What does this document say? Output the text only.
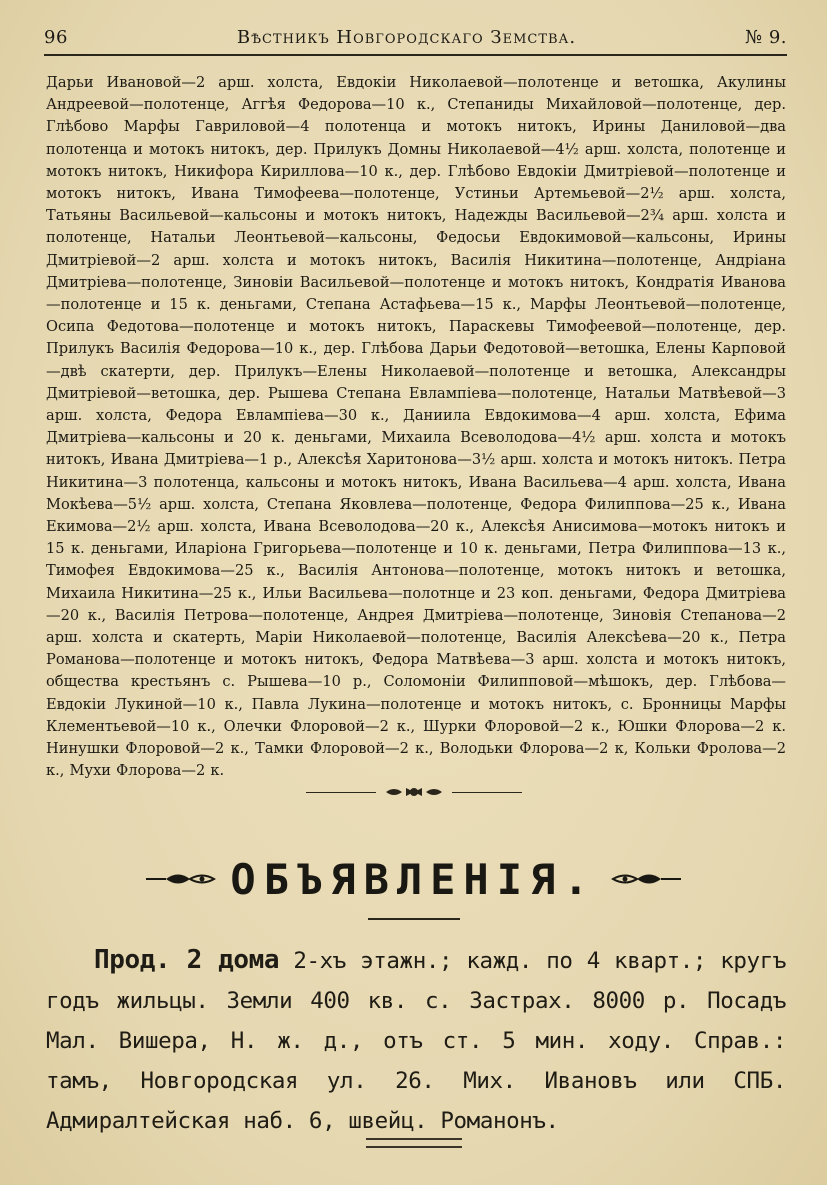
96	Вѣстникъ Новгородскаго Земства.	№ 9.
Дарьи Ивановой—2 арш. холста, Евдокiи Николаевой—полотенце и ветошка, Акулины Андреевой—полотенце, Аггѣя Федорова—10 к., Степаниды Михайловой—полотенце, дер. Глѣбово Марфы Гавриловой—4 полотенца и мотокъ нитокъ, Ирины Даниловой—два полотенца и мотокъ нитокъ, дер. Прилукъ Домны Николаевой—4½ арш. холста, полотенце и мотокъ нитокъ, Никифора Кириллова—10 к., дер. Глѣбово Евдокiи Дмитрiевой—полотенце и мотокъ нитокъ, Ивана Тимофеева—полотенце, Устиньи Артемьевой—2½ арш. холста, Татьяны Васильевой—кальсоны и мотокъ нитокъ, Надежды Васильевой—2¾ арш. холста и полотенце, Натальи Леонтьевой—кальсоны, Федосьи Евдокимовой—кальсоны, Ирины Дмитрiевой—2 арш. холста и мотокъ нитокъ, Василiя Никитина—полотенце, Андрiана Дмитрiева—полотенце, Зиновiи Васильевой—полотенце и мотокъ нитокъ, Кондратiя Иванова—полотенце и 15 к. деньгами, Степана Астафьева—15 к., Марфы Леонтьевой—полотенце, Осипа Федотова—полотенце и мотокъ нитокъ, Параскевы Тимофеевой—полотенце, дер. Прилукъ Василiя Федорова—10 к., дер. Глѣбова Дарьи Федотовой—ветошка, Елены Карповой—двѣ скатерти, дер. Прилукъ—Елены Николаевой—полотенце и ветошка, Александры Дмитрiевой—ветошка, дер. Рышева Степана Евлампiева—полотенце, Натальи Матвѣевой—3 арш. холста, Федора Евлампiева—30 к., Даниила Евдокимова—4 арш. холста, Ефима Дмитрiева—кальсоны и 20 к. деньгами, Михаила Всеволодова—4½ арш. холста и мотокъ нитокъ, Ивана Дмитрiева—1 р., Алексѣя Харитонова—3½ арш. холста и мотокъ нитокъ. Петра Никитина—3 полотенца, кальсоны и мотокъ нитокъ, Ивана Васильева—4 арш. холста, Ивана Мокѣева—5½ арш. холста, Степана Яковлева—полотенце, Федора Филиппова—25 к., Ивана Екимова—2½ арш. холста, Ивана Всеволодова—20 к., Алексѣя Анисимова—мотокъ нитокъ и 15 к. деньгами, Иларiона Григорьева—полотенце и 10 к. деньгами, Петра Филиппова—13 к., Тимофея Евдокимова—25 к., Василiя Антонова—полотенце, мотокъ нитокъ и ветошка, Михаила Никитина—25 к., Ильи Васильева—полотнце и 23 коп. деньгами, Федора Дмитрiева—20 к., Василiя Петрова—полотенце, Андрея Дмитрiева—полотенце, Зиновiя Степанова—2 арш. холста и скатерть, Марiи Николаевой—полотенце, Василiя Алексѣева—20 к., Петра Романова—полотенце и мотокъ нитокъ, Федора Матвѣева—3 арш. холста и мотокъ нитокъ, общества крестьянъ с. Рышева—10 р., Соломонiи Филипповой—мѣшокъ, дер. Глѣбова—Евдокiи Лукиной—10 к., Павла Лукина—полотенце и мотокъ нитокъ, с. Бронницы Марфы Клементьевой—10 к., Олечки Флоровой—2 к., Шурки Флоровой—2 к., Юшки Флорова—2 к. Нинушки Флоровой—2 к., Тамки Флоровой—2 к., Володьки Флорова—2 к, Кольки Фролова—2 к., Мухи Флорова—2 к.
ОБЪЯВЛЕНIЯ.
Прод. 2 дома 2-хъ этажн.; кажд. по 4 кварт.; кругъ годъ жильцы. Земли 400 кв. с. Застрах. 8000 р. Посадъ Мал. Вишера, Н. ж. д., отъ ст. 5 мин. ходу. Справ.: тамъ, Новгородская ул. 26. Мих. Ивановъ или СПБ. Адмиралтейская наб. 6, швейц. Романонъ.
